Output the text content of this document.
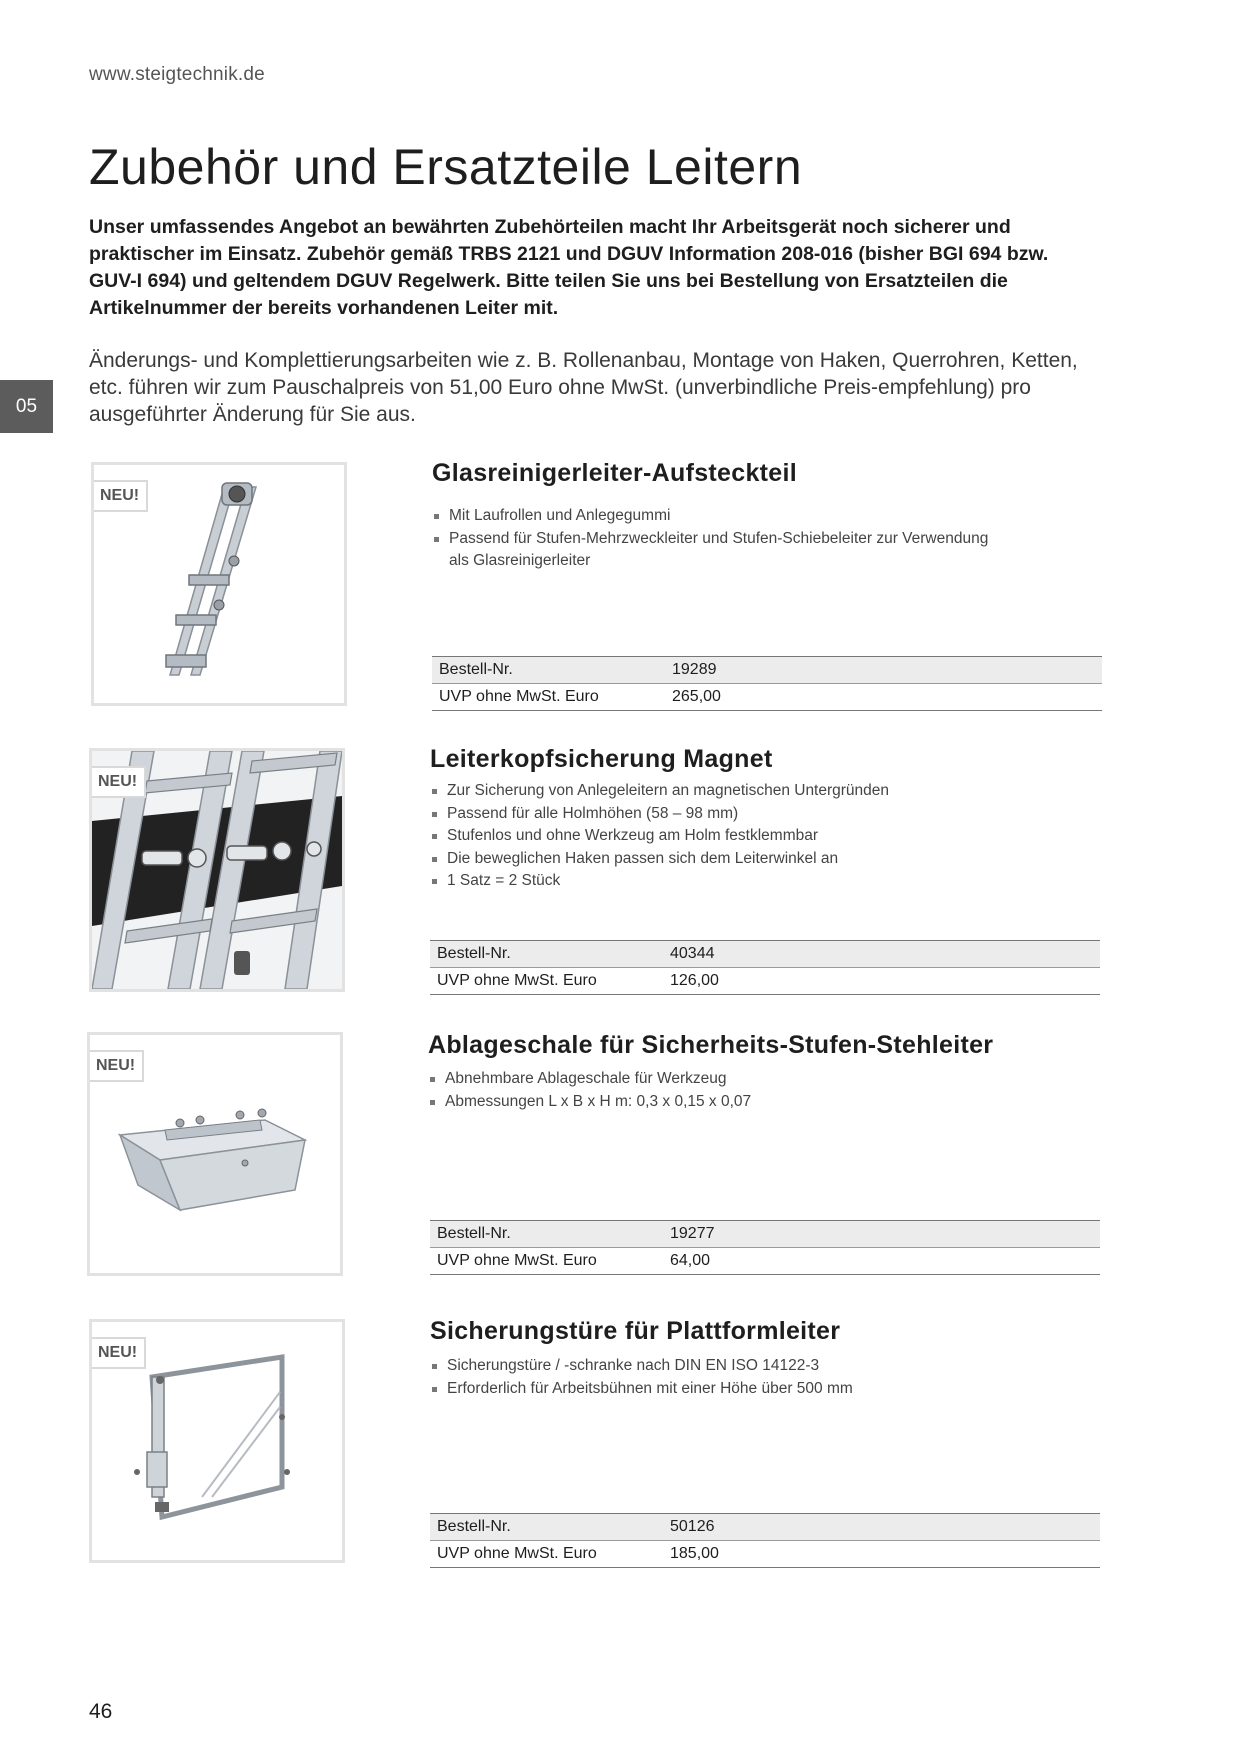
www.steigtechnik.de
Zubehör und Ersatzteile Leitern

Unser umfassendes Angebot an bewährten Zubehörteilen macht Ihr Arbeitsgerät noch sicherer und praktischer im Einsatz. Zubehör gemäß TRBS 2121 und DGUV Information 208-016 (bisher BGI 694 bzw. GUV-I 694) und geltendem DGUV Regelwerk. Bitte teilen Sie uns bei Bestellung von Ersatzteilen die Artikelnummer der bereits vorhandenen Leiter mit.

Änderungs- und Komplettierungsarbeiten wie z. B. Rollenanbau, Montage von Haken, Querrohren, Ketten, etc. führen wir zum Pauschalpreis von 51,00 Euro ohne MwSt. (unverbindliche Preis-empfehlung) pro ausgeführter Änderung für Sie aus.

05
NEU!
Glasreinigerleiter-Aufsteckteil
Mit Laufrollen und Anlegegummi
Passend für Stufen-Mehrzweckleiter und Stufen-Schiebeleiter zur Verwendung als Glasreinigerleiter
Bestell-Nr.	19289
UVP ohne MwSt. Euro	265,00
NEU!
Leiterkopfsicherung Magnet
Zur Sicherung von Anlegeleitern an magnetischen Untergründen
Passend für alle Holmhöhen (58 – 98 mm)
Stufenlos und ohne Werkzeug am Holm festklemmbar
Die beweglichen Haken passen sich dem Leiterwinkel an
1 Satz = 2 Stück
Bestell-Nr.	40344
UVP ohne MwSt. Euro	126,00
NEU!
Ablageschale für Sicherheits-Stufen-Stehleiter
Abnehmbare Ablageschale für Werkzeug
Abmessungen L x B x H m: 0,3 x 0,15 x 0,07
Bestell-Nr.	19277
UVP ohne MwSt. Euro	64,00
NEU!
Sicherungstüre für Plattformleiter
Sicherungstüre / -schranke nach DIN EN ISO 14122-3
Erforderlich für Arbeitsbühnen mit einer Höhe über 500 mm
Bestell-Nr.	50126
UVP ohne MwSt. Euro	185,00
46
